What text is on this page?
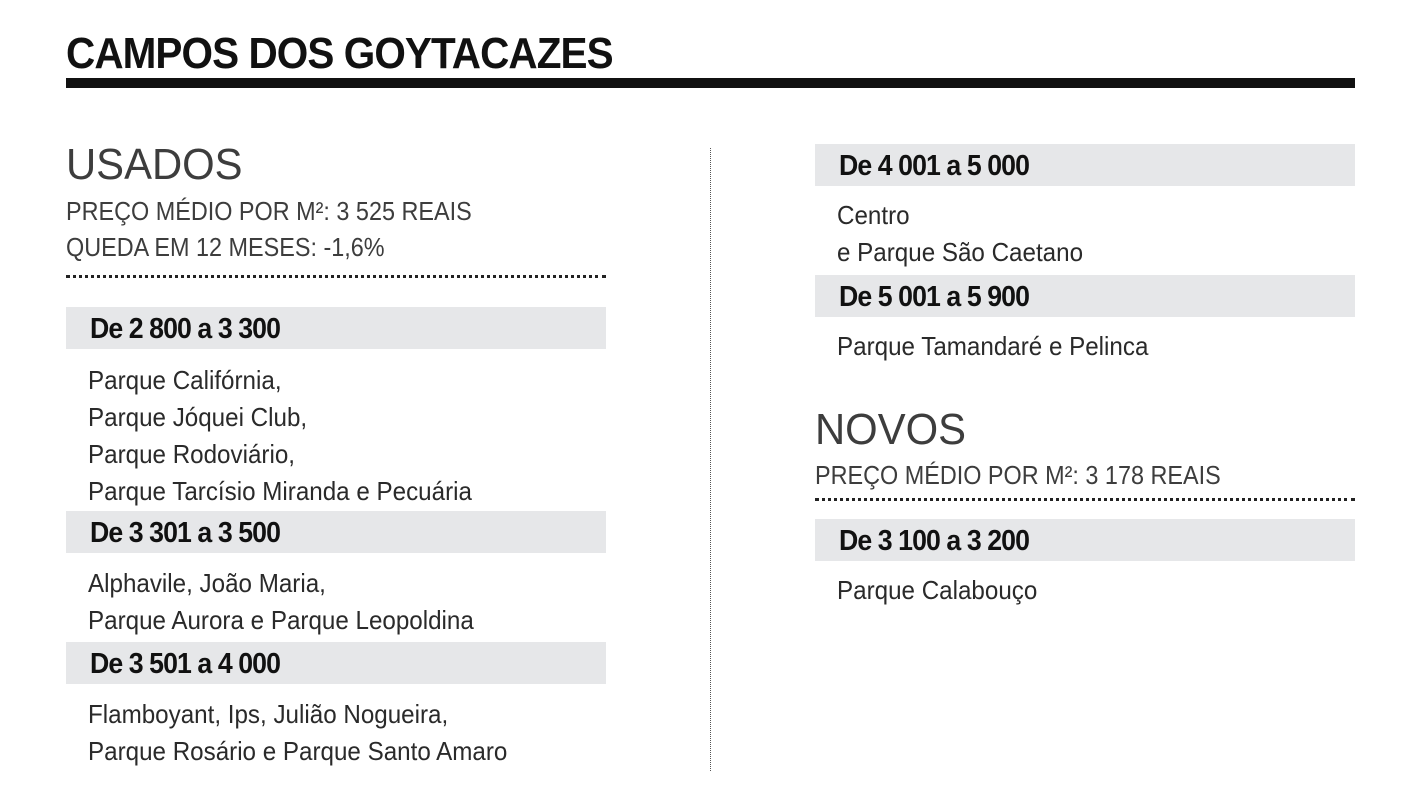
CAMPOS DOS GOYTACAZES
USADOS
PREÇO MÉDIO POR M²: 3 525 REAIS
QUEDA EM 12 MESES: -1,6%
De 2 800 a 3 300
Parque Califórnia,
Parque Jóquei Club,
Parque Rodoviário,
Parque Tarcísio Miranda e Pecuária
De 3 301 a 3 500
Alphavile, João Maria,
Parque Aurora e Parque Leopoldina
De 3 501 a 4 000
Flamboyant, Ips, Julião Nogueira,
Parque Rosário e Parque Santo Amaro
De 4 001 a 5 000
Centro
e Parque São Caetano
De 5 001 a 5 900
Parque Tamandaré e Pelinca
NOVOS
PREÇO MÉDIO POR M²: 3 178 REAIS
De 3 100 a 3 200
Parque Calabouço
